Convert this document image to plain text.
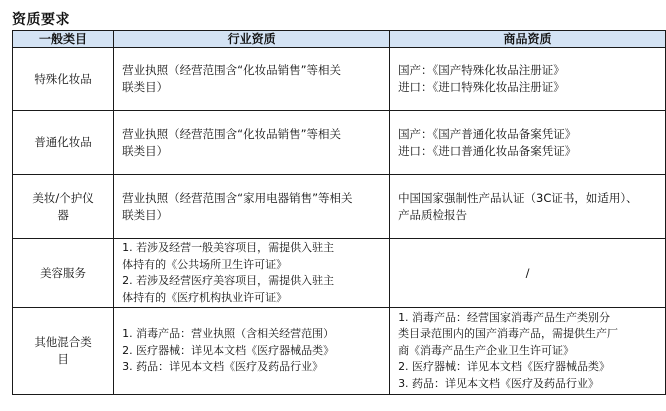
资质要求
一般类目	行业资质	商品资质

特殊化妆品	营业执照（经营范围含“化妆品销售”等相关
联类目）	国产：《国产特殊化妆品注册证》
进口：《进口特殊化妆品注册证》

普通化妆品	营业执照（经营范围含“化妆品销售”等相关
联类目）	国产：《国产普通化妆品备案凭证》
进口：《进口普通化妆品备案凭证》

美妆/个护仪
器	营业执照（经营范围含“家用电器销售”等相关
联类目）	中国国家强制性产品认证（3C证书，如适用）、
产品质检报告

美容服务	1. 若涉及经营一般美容项目，需提供入驻主
体持有的《公共场所卫生许可证》
2. 若涉及经营医疗美容项目，需提供入驻主
体持有的《医疗机构执业许可证》	/

其他混合类
目	1. 消毒产品：营业执照（含相关经营范围）
2. 医疗器械：详见本文档《医疗器械品类》
3. 药品：详见本文档《医疗及药品行业》	1. 消毒产品：经营国家消毒产品生产类别分
类目录范围内的国产消毒产品，需提供生产厂
商《消毒产品生产企业卫生许可证》
2. 医疗器械：详见本文档《医疗器械品类》
3. 药品：详见本文档《医疗及药品行业》
